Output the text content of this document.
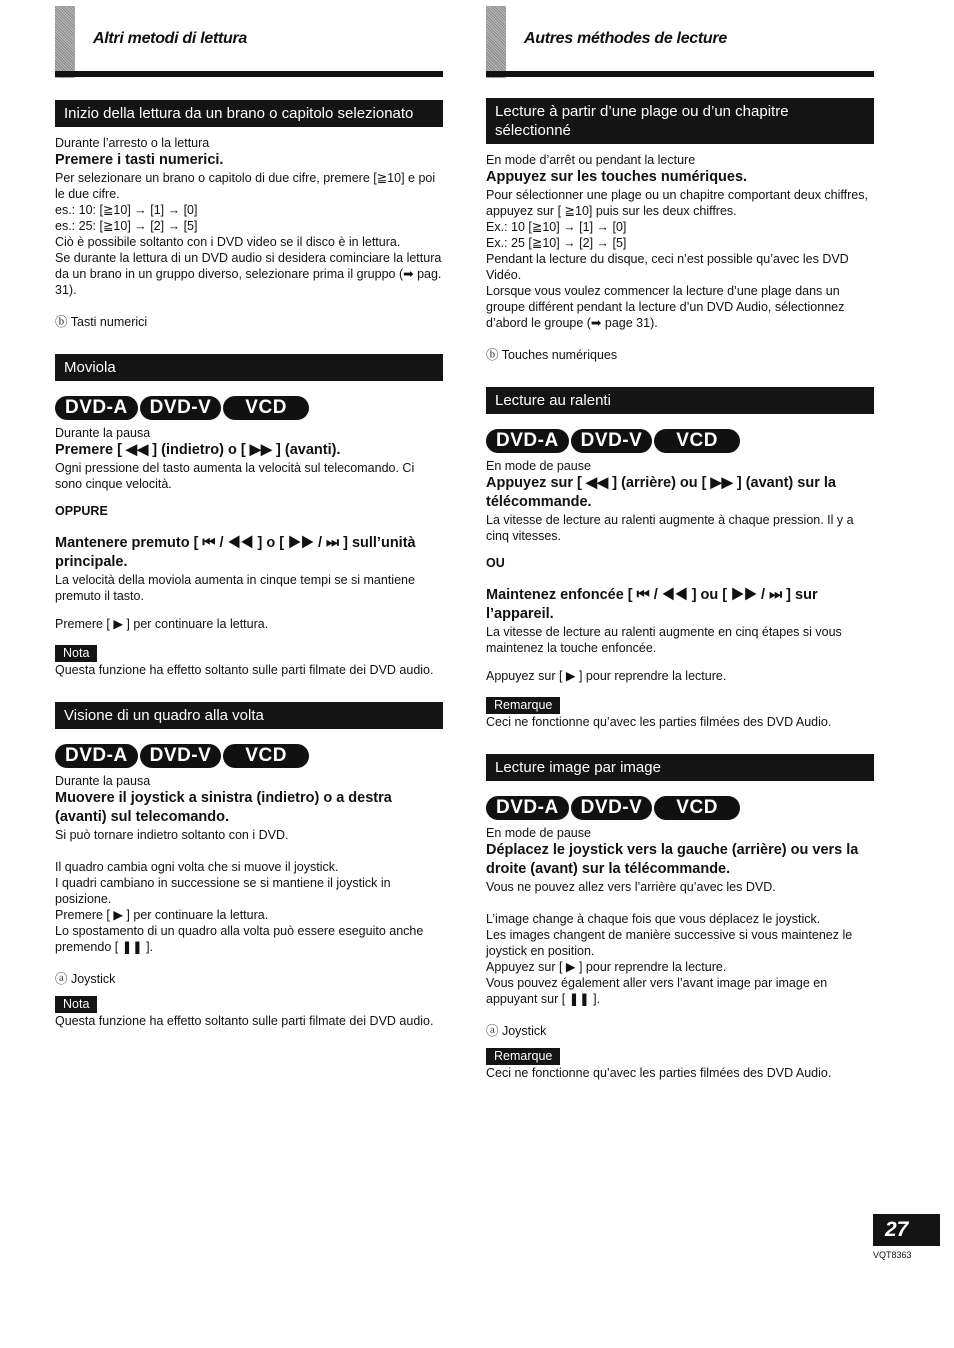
Altri metodi di lettura
Inizio della lettura da un brano o capitolo selezionato
Durante l’arresto o la lettura
Premere i tasti numerici.
Per selezionare un brano o capitolo di due cifre, premere [≧10] e poi le due cifre.
es.: 10: [≧10] → [1] → [0]
es.: 25: [≧10] → [2] → [5]
Ciò è possibile soltanto con i DVD video se il disco è in lettura.
Se durante la lettura di un DVD audio si desidera cominciare la lettura da un brano in un gruppo diverso, selezionare prima il gruppo (➡ pag. 31).
ⓑ Tasti numerici
Moviola
DVD-A	DVD-V	VCD
Durante la pausa
Premere [ ◀◀ ] (indietro) o [ ▶▶ ] (avanti).
Ogni pressione del tasto aumenta la velocità sul telecomando. Ci sono cinque velocità.
OPPURE
Mantenere premuto [ ⏮ / ◀◀ ] o [ ▶▶ / ⏭ ] sull’unità principale.
La velocità della moviola aumenta in cinque tempi se si mantiene premuto il tasto.
Premere [ ▶ ] per continuare la lettura.
Nota
Questa funzione ha effetto soltanto sulle parti filmate dei DVD audio.
Visione di un quadro alla volta
DVD-A	DVD-V	VCD
Durante la pausa
Muovere il joystick a sinistra (indietro) o a destra (avanti) sul telecomando.
Si può tornare indietro soltanto con i DVD.
Il quadro cambia ogni volta che si muove il joystick.
I quadri cambiano in successione se si mantiene il joystick in posizione.
Premere [ ▶ ] per continuare la lettura.
Lo spostamento di un quadro alla volta può essere eseguito anche premendo [ ❚❚ ].
ⓐ Joystick
Nota
Questa funzione ha effetto soltanto sulle parti filmate dei DVD audio.
Autres méthodes de lecture
Lecture à partir d’une plage ou d’un chapitre sélectionné
En mode d’arrêt ou pendant la lecture
Appuyez sur les touches numériques.
Pour sélectionner une plage ou un chapitre comportant deux chiffres, appuyez sur [ ≧10] puis sur les deux chiffres.
Ex.: 10 [≧10] → [1] → [0]
Ex.: 25 [≧10] → [2] → [5]
Pendant la lecture du disque, ceci n’est possible qu’avec les DVD Vidéo.
Lorsque vous voulez commencer la lecture d’une plage dans un groupe différent pendant la lecture d’un DVD Audio, sélectionnez d’abord le groupe (➡ page 31).
ⓑ Touches numériques
Lecture au ralenti
DVD-A	DVD-V	VCD
En mode de pause
Appuyez sur [ ◀◀ ] (arrière) ou [ ▶▶ ] (avant) sur la télécommande.
La vitesse de lecture au ralenti augmente à chaque pression. Il y a cinq vitesses.
OU
Maintenez enfoncée [ ⏮ / ◀◀ ] ou [ ▶▶ / ⏭ ] sur l’appareil.
La vitesse de lecture au ralenti augmente en cinq étapes si vous maintenez la touche enfoncée.
Appuyez sur [ ▶ ] pour reprendre la lecture.
Remarque
Ceci ne fonctionne qu’avec les parties filmées des DVD Audio.
Lecture image par image
DVD-A	DVD-V	VCD
En mode de pause
Déplacez le joystick vers la gauche (arrière) ou vers la droite (avant) sur la télécommande.
Vous ne pouvez allez vers l’arrière qu’avec les DVD.
L’image change à chaque fois que vous déplacez le joystick.
Les images changent de manière successive si vous maintenez le joystick en position.
Appuyez sur [ ▶ ] pour reprendre la lecture.
Vous pouvez également aller vers l’avant image par image en appuyant sur [ ❚❚ ].
ⓐ Joystick
Remarque
Ceci ne fonctionne qu’avec les parties filmées des DVD Audio.
27
VQT8363
